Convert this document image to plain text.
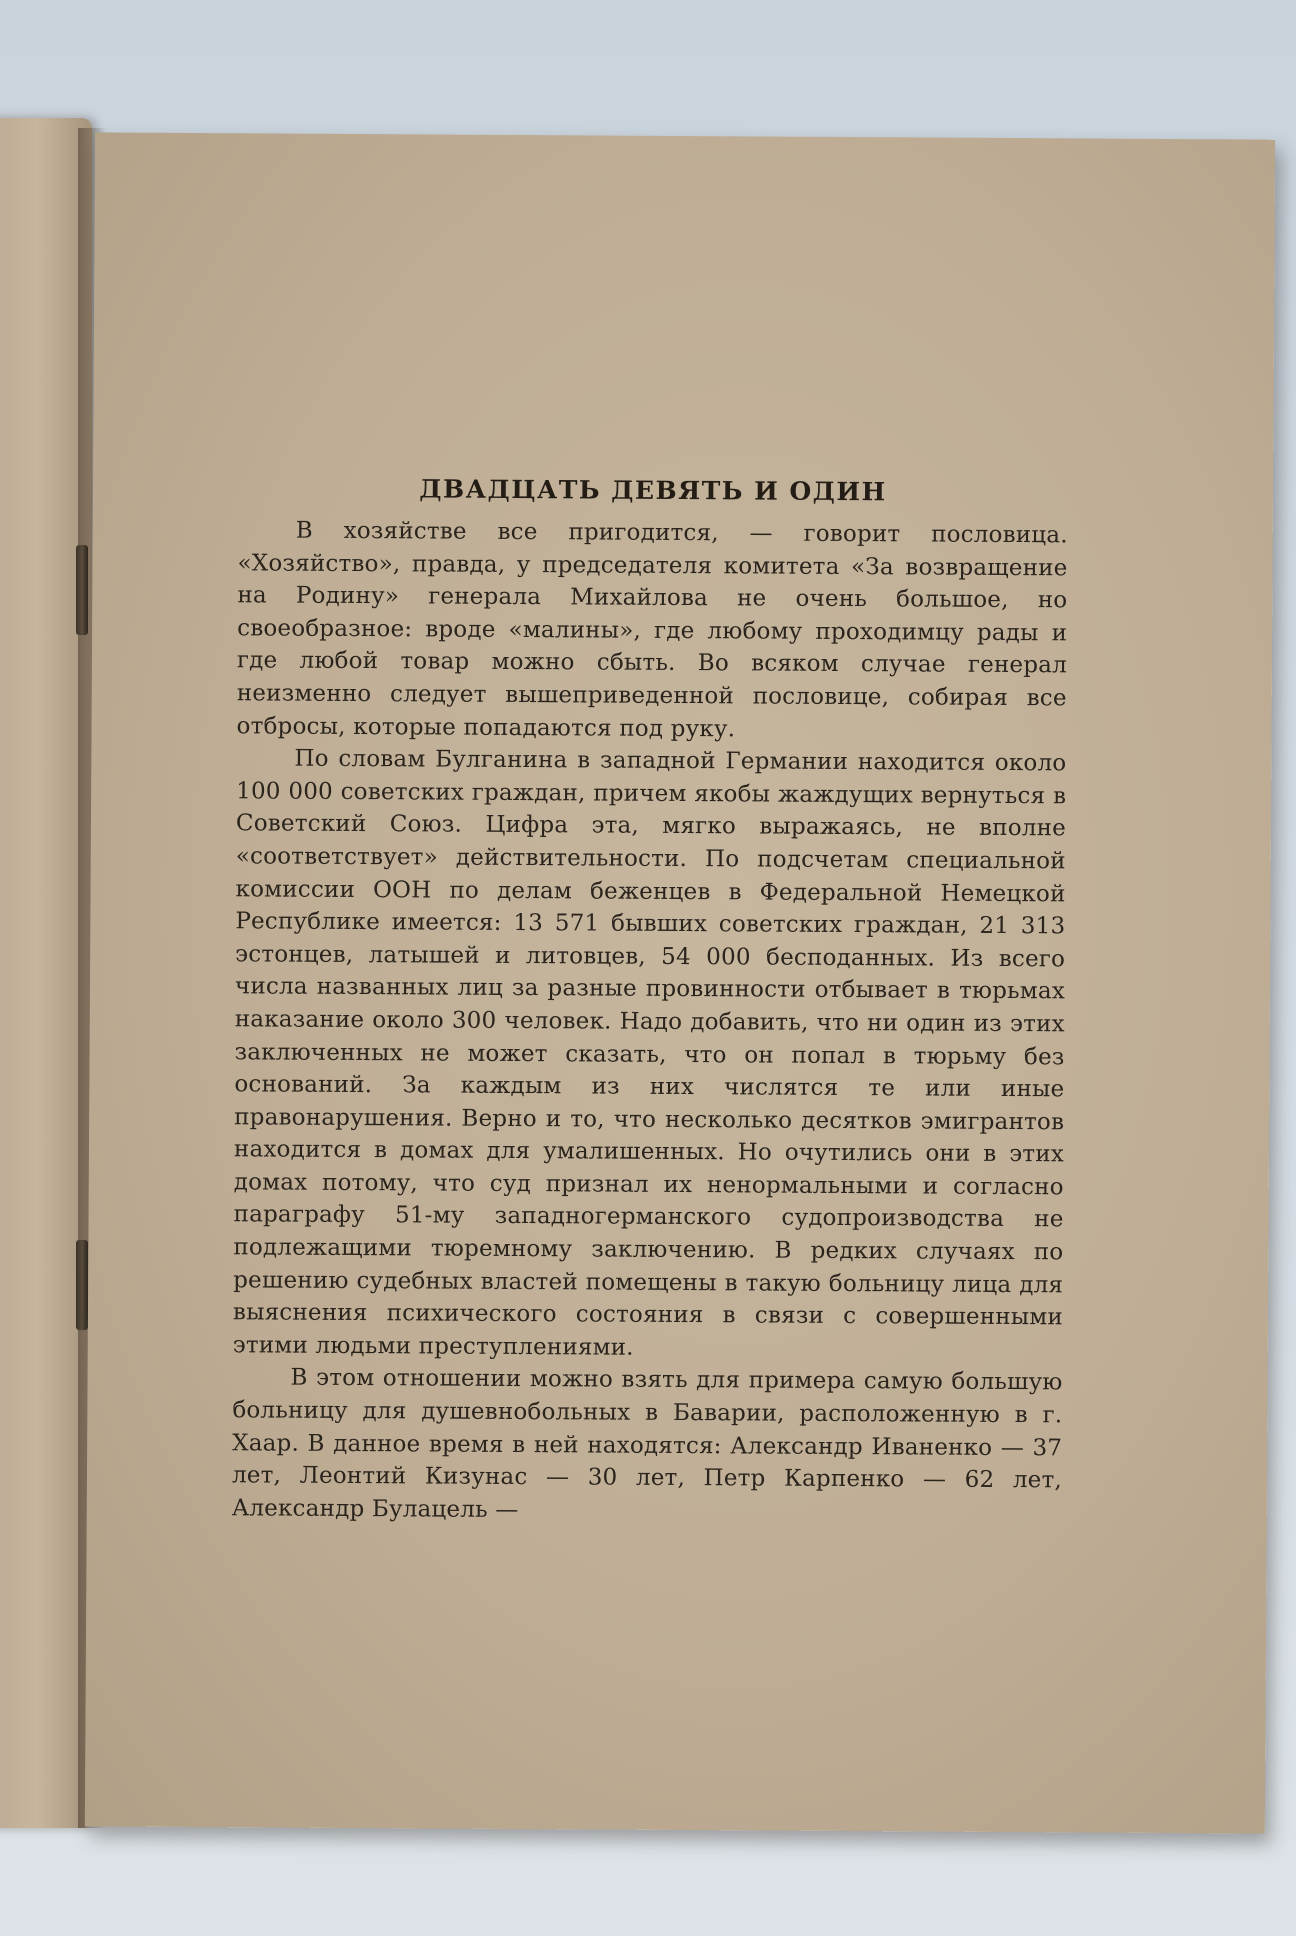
ДВАДЦАТЬ ДЕВЯТЬ И ОДИН

В хозяйстве все пригодится, — говорит пословица. «Хозяйство», правда, у председателя комитета «За возвращение на Родину» генерала Михайлова не очень большое, но своеобразное: вроде «малины», где любому проходимцу рады и где любой товар можно сбыть. Во всяком случае генерал неизменно следует вышеприведенной пословице, собирая все отбросы, которые попадаются под руку.

По словам Булганина в западной Германии находится около 100 000 советских граждан, причем якобы жаждущих вернуться в Советский Союз. Цифра эта, мягко выражаясь, не вполне «соответствует» действительности. По подсчетам специальной комиссии ООН по делам беженцев в Федеральной Немецкой Республике имеется: 13 571 бывших советских граждан, 21 313 эстонцев, латышей и литовцев, 54 000 бесподанных. Из всего числа названных лиц за разные провинности отбывает в тюрьмах наказание около 300 человек. Надо добавить, что ни один из этих заключенных не может сказать, что он попал в тюрьму без оснований. За каждым из них числятся те или иные правонарушения. Верно и то, что несколько десятков эмигрантов находится в домах для умалишенных. Но очутились они в этих домах потому, что суд признал их ненормальными и согласно параграфу 51-му западногерманского судопроизводства не подлежащими тюремному заключению. В редких случаях по решению судебных властей помещены в такую больницу лица для выяснения психического состояния в связи с совершенными этими людьми преступлениями.

В этом отношении можно взять для примера самую большую больницу для душевнобольных в Баварии, расположенную в г. Хаар. В данное время в ней находятся: Александр Иваненко — 37 лет, Леонтий Кизунас — 30 лет, Петр Карпенко — 62 лет, Александр Булацель —
